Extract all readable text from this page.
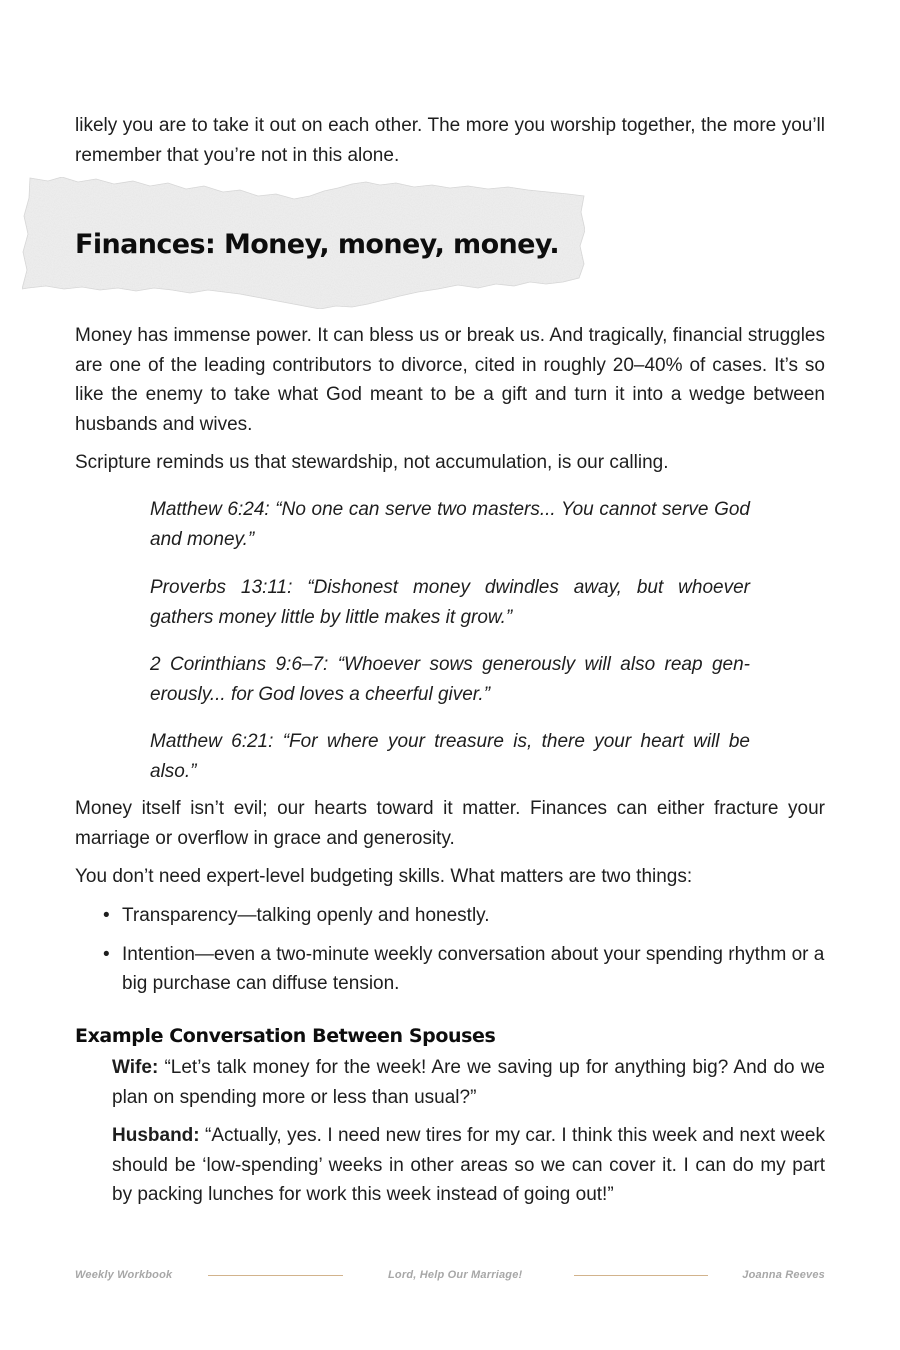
likely you are to take it out on each other. The more you worship together, the more you’ll remember that you’re not in this alone.

Finances: Money, money, money.

Money has immense power. It can bless us or break us. And tragically, financial struggles are one of the leading contributors to divorce, cited in roughly 20–40% of cases. It’s so like the enemy to take what God meant to be a gift and turn it into a wedge between husbands and wives.

Scripture reminds us that stewardship, not accumulation, is our calling.

Matthew 6:24: “No one can serve two masters... You cannot serve God and money.”

Proverbs 13:11: “Dishonest money dwindles away, but whoever gathers money little by little makes it grow.”

2 Corinthians 9:6–7: “Whoever sows generously will also reap generously... for God loves a cheerful giver.”

Matthew 6:21: “For where your treasure is, there your heart will be also.”

Money itself isn’t evil; our hearts toward it matter. Finances can either fracture your marriage or overflow in grace and generosity.

You don’t need expert-level budgeting skills. What matters are two things:

• Transparency—talking openly and honestly.
• Intention—even a two-minute weekly conversation about your spending rhythm or a big purchase can diffuse tension.
Example Conversation Between Spouses

Wife: “Let’s talk money for the week! Are we saving up for anything big? And do we plan on spending more or less than usual?”

Husband: “Actually, yes. I need new tires for my car. I think this week and next week should be ‘low-spending’ weeks in other areas so we can cover it. I can do my part by packing lunches for work this week instead of going out!”

Weekly Workbook	Lord, Help Our Marriage!	Joanna Reeves
